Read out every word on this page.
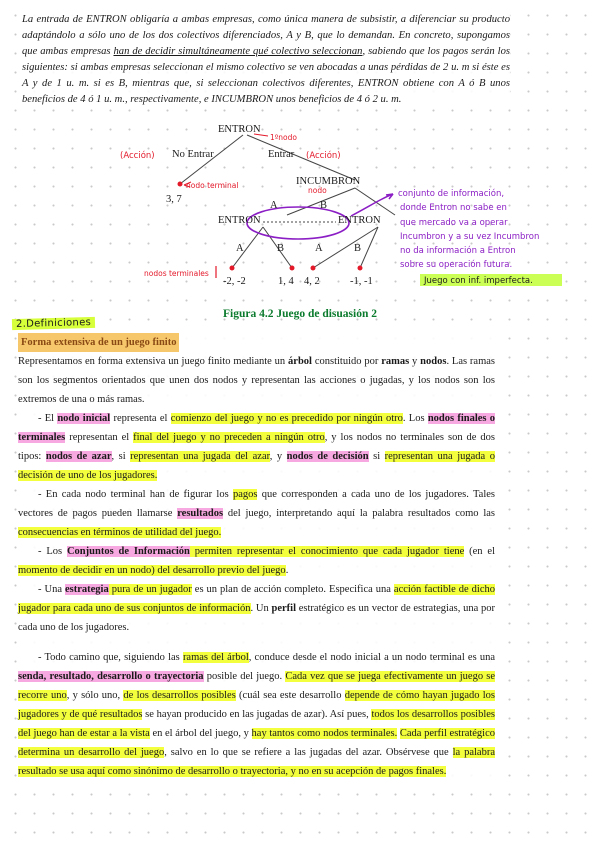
La entrada de ENTRON obligaría a ambas empresas, como única manera de subsistir, a diferenciar su producto adaptándolo a sólo uno de los dos colectivos diferenciados, A y B, que lo demandan. En concreto, supongamos que ambas empresas han de decidir simultáneamente qué colectivo seleccionan, sabiendo que los pagos serán los siguientes: si ambas empresas seleccionan el mismo colectivo se ven abocadas a unas pérdidas de 2 u. m si éste es A y de 1 u. m. si es B, mientras que, si seleccionan colectivos diferentes, ENTRON obtiene con A ó B unos beneficios de 4 ó 1 u. m., respectivamente, e INCUMBRON unos beneficios de 4 ó 2 u. m.
ENTRON
No Entrar	Entrar
INCUMBRON
A	B
ENTRON	ENTRON
A	B	A	B
3, 7
-2, -2	1, 4 4, 2	-1, -1
(Acción)	(Acción)
1ºnodo
nodo terminal
nodo
nodos terminales
conjunto de información,
donde Entron no sabe en
que mercado va a operar
Incumbron y a su vez Incumbron
no da información a Entron
sobre su operación futura.
Juego con inf. imperfecta.
Figura 4.2 Juego de disuasión 2
2.Definiciones

Forma extensiva de un juego finito

Representamos en forma extensiva un juego finito mediante un árbol constituido por ramas y nodos. Las ramas son los segmentos orientados que unen dos nodos y representan las acciones o jugadas, y los nodos son los extremos de una o más ramas.

- El nodo inicial representa el comienzo del juego y no es precedido por ningún otro. Los nodos finales o terminales representan el final del juego y no preceden a ningún otro, y los nodos no terminales son de dos tipos: nodos de azar, si representan una jugada del azar, y nodos de decisión si representan una jugada o decisión de uno de los jugadores.

- En cada nodo terminal han de figurar los pagos que corresponden a cada uno de los jugadores. Tales vectores de pagos pueden llamarse resultados del juego, interpretando aquí la palabra resultados como las consecuencias en términos de utilidad del juego.

- Los Conjuntos de Información permiten representar el conocimiento que cada jugador tiene (en el momento de decidir en un nodo) del desarrollo previo del juego.

- Una estrategia pura de un jugador es un plan de acción completo. Especifica una acción factible de dicho jugador para cada uno de sus conjuntos de información. Un perfil estratégico es un vector de estrategias, una por cada uno de los jugadores.

- Todo camino que, siguiendo las ramas del árbol, conduce desde el nodo inicial a un nodo terminal es una senda, resultado, desarrollo o trayectoria posible del juego. Cada vez que se juega efectivamente un juego se recorre uno, y sólo uno, de los desarrollos posibles (cuál sea este desarrollo depende de cómo hayan jugado los jugadores y de qué resultados se hayan producido en las jugadas de azar). Así pues, todos los desarrollos posibles del juego han de estar a la vista en el árbol del juego, y hay tantos como nodos terminales. Cada perfil estratégico determina un desarrollo del juego, salvo en lo que se refiere a las jugadas del azar. Obsérvese que la palabra resultado se usa aquí como sinónimo de desarrollo o trayectoria, y no en su acepción de pagos finales.
